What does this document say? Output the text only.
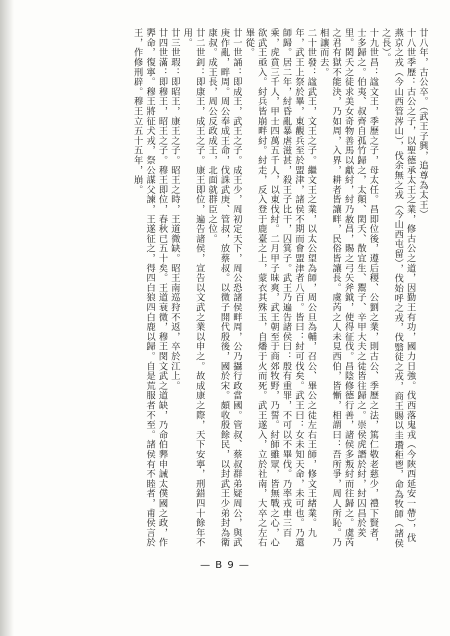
廿八年，古公卒。（武王子興，追尊為太王）

十八世季歷：古公之子，以聖德承太王之業，修古公之道，因勤王有功，國力日強。伐西落鬼戎（今陝西延安一帶），伐燕京之戎（今山西管涔山），伐余無之戎（今山西屯留），伐始呼之戎，伐翳徒之戎，商王賜以圭瓚秬鬯，命為牧師（諸侯之長）。

十九世昌：諡文王，季歷之子，母太任。昌即位後，遵后稷、公劉之業，則古公、季歷之法，篤仁敬老慈少，禮下賢者，士多歸之。伯夷、叔齊自孤竹歸之，太顛、閎夭、散宜生、鬻子、辛甲大夫之徒皆往歸之。崇侯虎譖於紂，紂囚昌於羑里。閎夭之徒求美女奇物善馬以獻紂，紂乃赦昌，賜之弓矢斧鉞，使得征伐。昌陰修德行善，諸侯多叛紂而往歸之。虞芮之君有獄不能決，乃如周，入界，耕者皆讓畔，民俗皆讓長。虞芮之人未見西伯，皆慚，相謂曰：吾所爭，周人所恥。乃相讓而去。

二十世發：諡武王，文王之子。繼文王之業，以太公望為師，周公旦為輔，召公、畢公之徒左右王師，修文王緒業。九年，武王上祭於畢，東觀兵至於盟津，諸侯不期而會盟津者八百。皆曰：紂可伐矣。武王曰：女未知天命，未可也。乃還師歸。居二年，紂昏亂暴虐滋甚，殺王子比干，囚箕子。武王乃遍告諸侯曰：殷有重罪，不可以不畢伐。乃率戎車三百乘，虎賁三千人，甲士四萬五千人，以東伐紂。二月甲子昧爽，武王朝至于商郊牧野，乃誓。紂師雖眾，皆無戰之心，心欲武王亟入。紂兵皆崩畔紂。紂走，反入登于鹿臺之上，蒙衣其殊玉，自燔于火而死。武王遂入，立於社南，大卒之左右畢從。

廿一世誦：即成王，武王之子。成王少，周初定天下，周公恐諸侯畔周，公乃攝行政當國。管叔、蔡叔群弟疑周公，與武庚作亂，畔周。周公奉成王命，伐誅武庚、管叔，放蔡叔。以微子開代殷後，國於宋。頗收殷餘民，以封武王少弟封為衛康叔。成王長，周公反政成王，北面就群臣之位。

廿二世釗：即康王，成王之子。康王即位，遍告諸侯，宣告以文武之業以申之。故成康之際，天下安寧，刑錯四十餘年不用。

廿三世瑕：即昭王，康王之子。昭王之時，王道微缺。昭王南巡狩不返，卒於江上。

廿四世滿：即穆王，昭王之子。穆王即位，春秋已五十矣。王道衰微，穆王閔文武之道缺，乃命伯臩申誡太僕國之政，作臩命，復寧。穆王將征犬戎，祭公謀父諫，王遂征之，得四白狼四白鹿以歸。自是荒服者不至。諸侯有不睦者，甫侯言於王，作修刑辟。穆王立五十五年，崩。

— B 9 —
